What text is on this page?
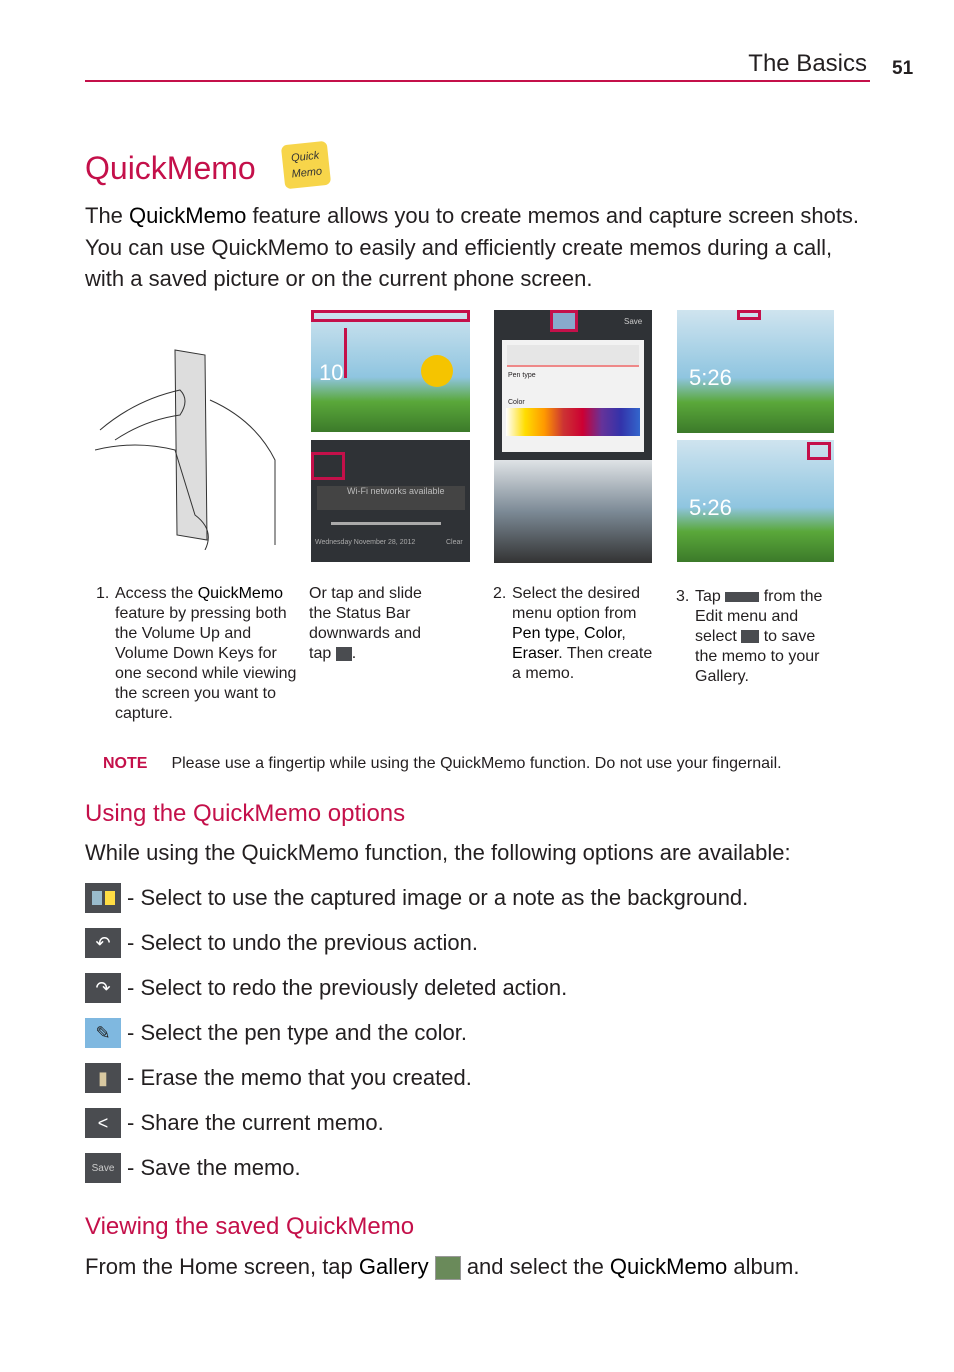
The Basics 51
QuickMemo	Quick Memo
The QuickMemo feature allows you to create memos and capture screen shots. You can use QuickMemo to easily and efficiently create memos during a call, with a saved picture or on the current phone screen.
10
Wi-Fi networks available
Wednesday November 28, 2012	Clear
Save
Pen type
Color
5:26
5:26
1. Access the QuickMemo feature by pressing both the Volume Up and Volume Down Keys for one second while viewing the screen you want to capture.
Or tap and slide the Status Bar downwards and tap .
2. Select the desired menu option from Pen type, Color, Eraser. Then create a memo.
3. Tap	from the Edit menu and select to save the memo to your Gallery.
NOTE Please use a fingertip while using the QuickMemo function. Do not use your fingernail.
Using the QuickMemo options
While using the QuickMemo function, the following options are available:
- Select to use the captured image or a note as the background.
↶ - Select to undo the previous action.
↷ - Select to redo the previously deleted action.
✎ - Select the pen type and the color.
▮ - Erase the memo that you created.
< - Share the current memo.
Save - Save the memo.
Viewing the saved QuickMemo
From the Home screen, tap Gallery  and select the QuickMemo album.
